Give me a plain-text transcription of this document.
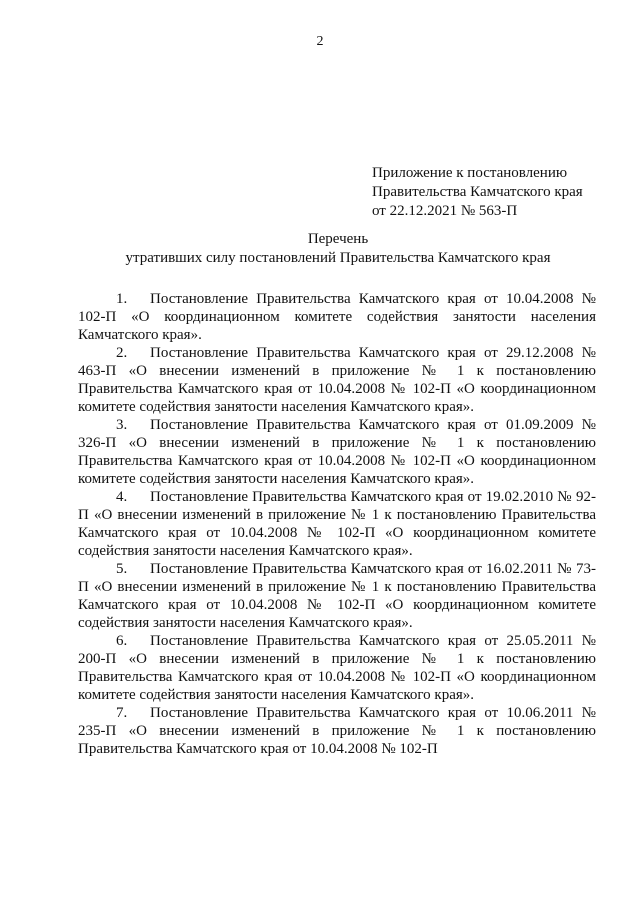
2
Приложение к постановлению
Правительства Камчатского края
от 22.12.2021 № 563-П
Перечень
утративших силу постановлений Правительства Камчатского края
1. Постановление Правительства Камчатского края от 10.04.2008 № 102-П «О координационном комитете содействия занятости населения Камчатского края».
2. Постановление Правительства Камчатского края от 29.12.2008 № 463-П «О внесении изменений в приложение № 1 к постановлению Правительства Камчатского края от 10.04.2008 № 102-П «О координационном комитете содействия занятости населения Камчатского края».
3. Постановление Правительства Камчатского края от 01.09.2009 № 326-П «О внесении изменений в приложение № 1 к постановлению Правительства Камчатского края от 10.04.2008 № 102-П «О координационном комитете содействия занятости населения Камчатского края».
4. Постановление Правительства Камчатского края от 19.02.2010 № 92-П «О внесении изменений в приложение № 1 к постановлению Правительства Камчатского края от 10.04.2008 № 102-П «О координационном комитете содействия занятости населения Камчатского края».
5. Постановление Правительства Камчатского края от 16.02.2011 № 73-П «О внесении изменений в приложение № 1 к постановлению Правительства Камчатского края от 10.04.2008 № 102-П «О координационном комитете содействия занятости населения Камчатского края».
6. Постановление Правительства Камчатского края от 25.05.2011 № 200-П «О внесении изменений в приложение № 1 к постановлению Правительства Камчатского края от 10.04.2008 № 102-П «О координационном комитете содействия занятости населения Камчатского края».
7. Постановление Правительства Камчатского края от 10.06.2011 № 235-П «О внесении изменений в приложение № 1 к постановлению Правительства Камчатского края от 10.04.2008 № 102-П
